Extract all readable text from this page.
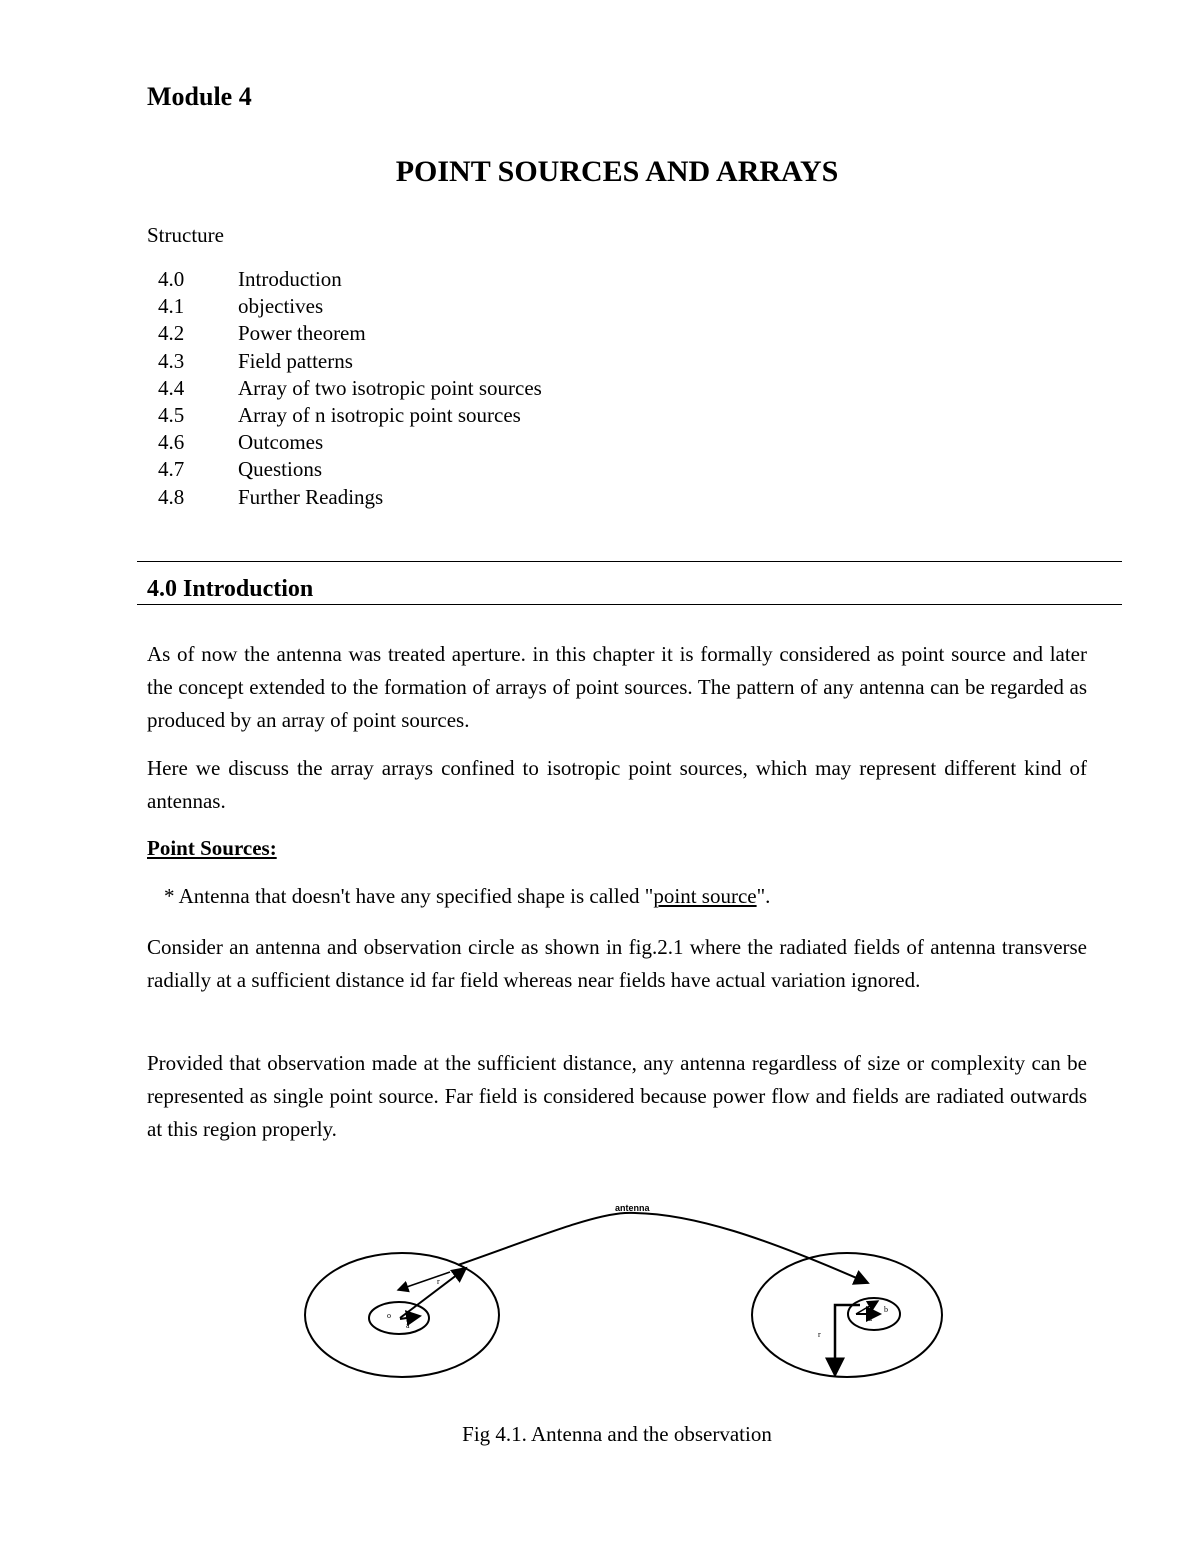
Module 4
POINT SOURCES AND ARRAYS
Structure
4.0	Introduction
4.1	objectives
4.2	Power theorem
4.3	Field patterns
4.4	Array of two isotropic point sources
4.5	Array of n isotropic point sources
4.6	Outcomes
4.7	Questions
4.8	Further Readings
4.0 Introduction

As of now the antenna was treated aperture. in this chapter it is formally considered as point source and later the concept extended to the formation of arrays of point sources. The pattern of any antenna can be regarded as produced by an array of point sources.

Here we discuss the array arrays confined to isotropic point sources, which may represent different kind of antennas.

Point Sources:
* Antenna that doesn't have any specified shape is called "point source".

Consider an antenna and observation circle as shown in fig.2.1 where the radiated fields of antenna transverse radially at a sufficient distance id far field whereas near fields have actual variation ignored.

Provided that observation made at the sufficient distance, any antenna regardless of size or complexity can be represented as single point source. Far field is considered because power flow and fields are radiated outwards at this region properly.

antenna
r
o
a
r
b
d
Fig 4.1. Antenna and the observation
